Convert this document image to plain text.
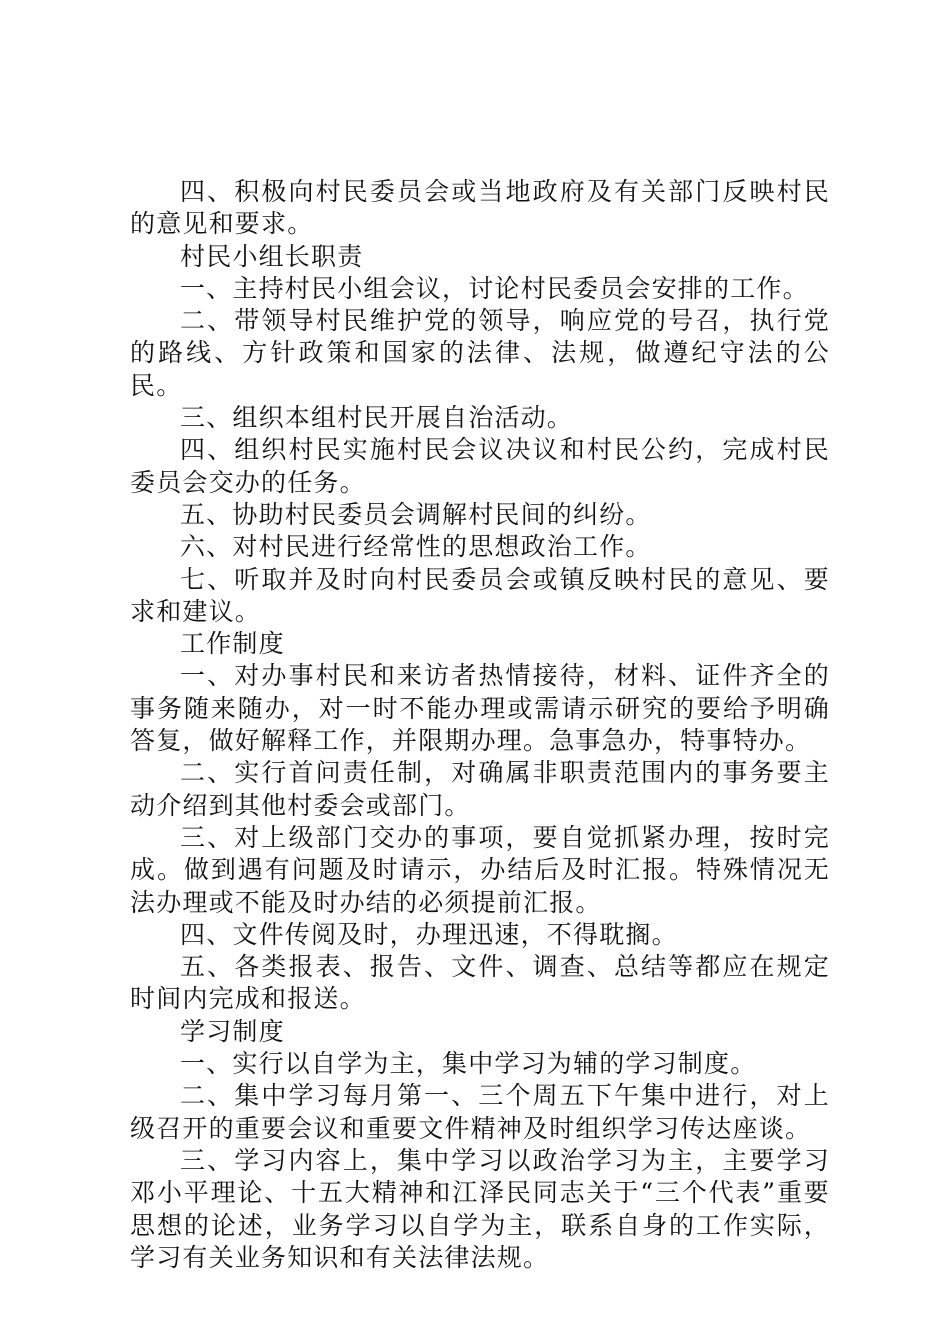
四、积极向村民委员会或当地政府及有关部门反映村民的意见和要求。

村民小组长职责

一、主持村民小组会议，讨论村民委员会安排的工作。

二、带领导村民维护党的领导，响应党的号召，执行党的路线、方针政策和国家的法律、法规，做遵纪守法的公民。

三、组织本组村民开展自治活动。

四、组织村民实施村民会议决议和村民公约，完成村民委员会交办的任务。

五、协助村民委员会调解村民间的纠纷。

六、对村民进行经常性的思想政治工作。

七、听取并及时向村民委员会或镇反映村民的意见、要求和建议。

工作制度

一、对办事村民和来访者热情接待，材料、证件齐全的事务随来随办，对一时不能办理或需请示研究的要给予明确答复，做好解释工作，并限期办理。急事急办，特事特办。

二、实行首问责任制，对确属非职责范围内的事务要主动介绍到其他村委会或部门。

三、对上级部门交办的事项，要自觉抓紧办理，按时完成。做到遇有问题及时请示，办结后及时汇报。特殊情况无法办理或不能及时办结的必须提前汇报。

四、文件传阅及时，办理迅速，不得耽搁。

五、各类报表、报告、文件、调查、总结等都应在规定时间内完成和报送。

学习制度

一、实行以自学为主，集中学习为辅的学习制度。

二、集中学习每月第一、三个周五下午集中进行，对上级召开的重要会议和重要文件精神及时组织学习传达座谈。

三、学习内容上，集中学习以政治学习为主，主要学习邓小平理论、十五大精神和江泽民同志关于“三个代表”重要思想的论述，业务学习以自学为主，联系自身的工作实际，学习有关业务知识和有关法律法规。
